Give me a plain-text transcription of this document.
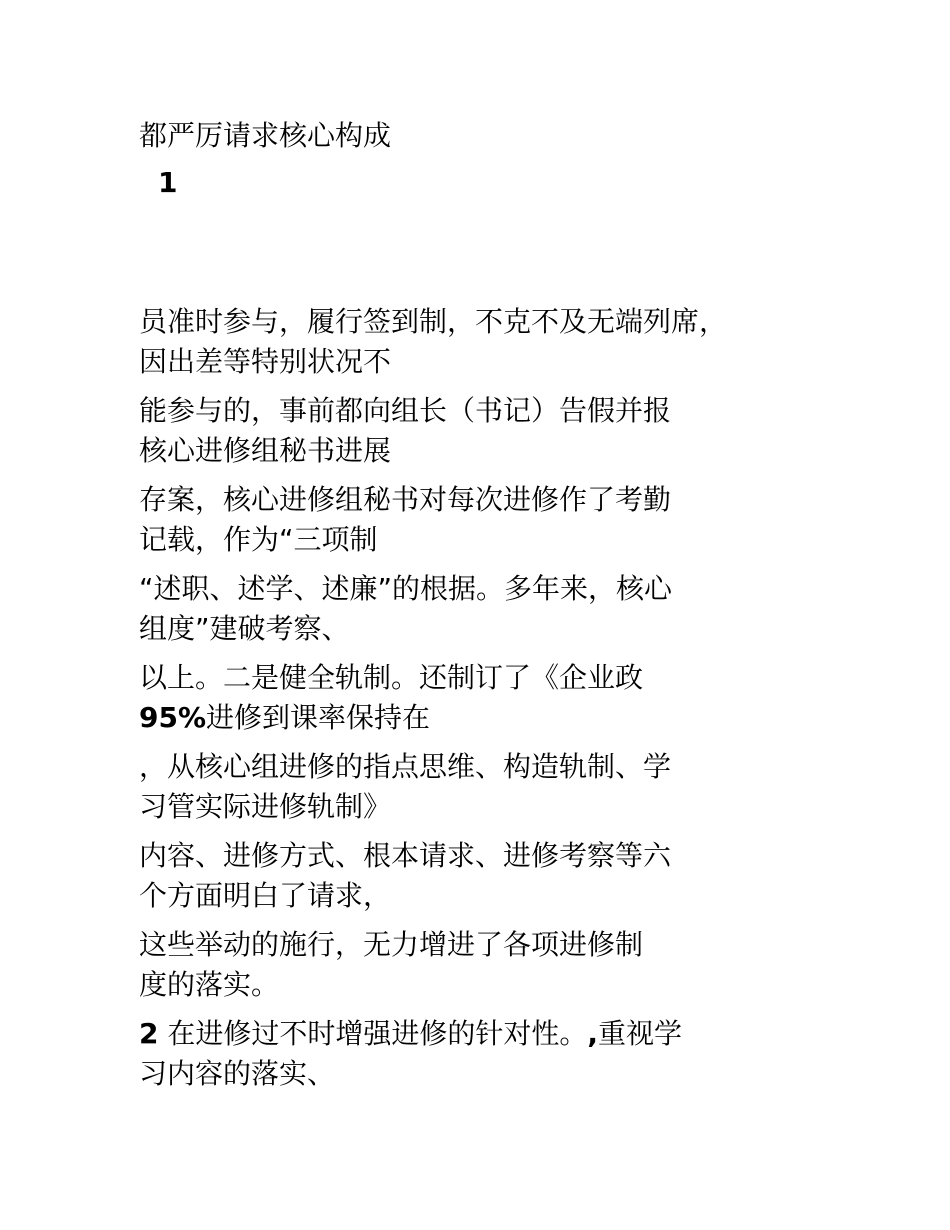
都严厉请求核心构成
1
员准时参与，履行签到制，不克不及无端列席，
因出差等特别状况不
能参与的，事前都向组长（书记）告假并报
核心进修组秘书进展
存案，核心进修组秘书对每次进修作了考勤
记载，作为“三项制
“述职、述学、述廉”的根据。多年来，核心
组度”建破考察、
以上。二是健全轨制。还制订了《企业政
95%进修到课率保持在
，从核心组进修的指点思维、构造轨制、学
习管实际进修轨制》
内容、进修方式、根本请求、进修考察等六
个方面明白了请求，
这些举动的施行，无力增进了各项进修制
度的落实。
2 在进修过不时增强进修的针对性。,重视学
习内容的落实、
